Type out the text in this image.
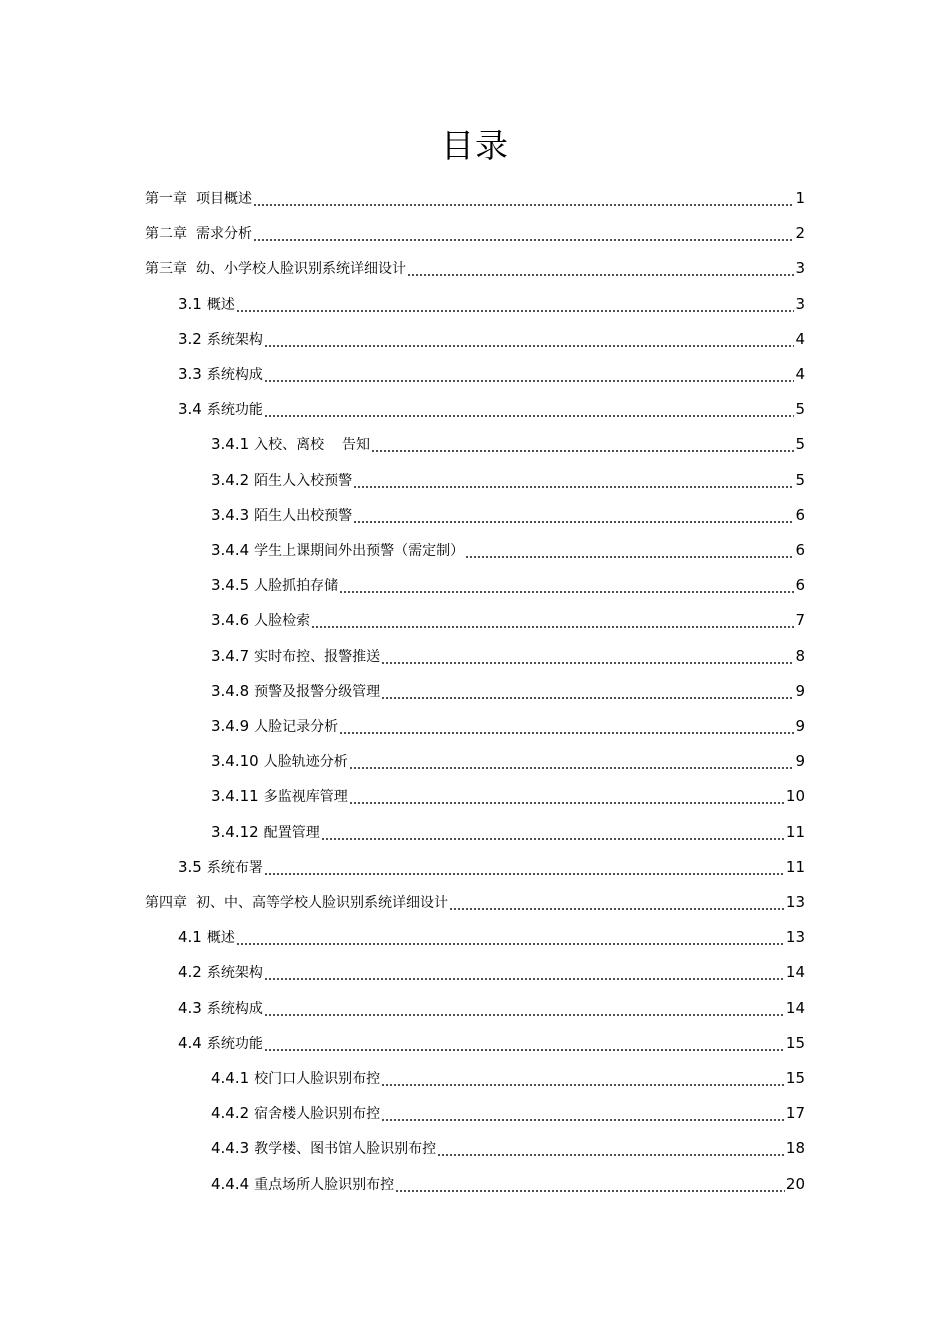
目录
第一章 项目概述	1
第二章 需求分析	2
第三章 幼、小学校人脸识别系统详细设计	3
3.1 概述	3
3.2 系统架构	4
3.3 系统构成	4
3.4 系统功能	5
3.4.1 入校、离校    告知	5
3.4.2 陌生人入校预警	5
3.4.3 陌生人出校预警	6
3.4.4 学生上课期间外出预警（需定制）	6
3.4.5 人脸抓拍存储	6
3.4.6 人脸检索	7
3.4.7 实时布控、报警推送	8
3.4.8 预警及报警分级管理	9
3.4.9 人脸记录分析	9
3.4.10 人脸轨迹分析	9
3.4.11 多监视库管理	10
3.4.12 配置管理	11
3.5 系统布署	11
第四章 初、中、高等学校人脸识别系统详细设计	13
4.1 概述	13
4.2 系统架构	14
4.3 系统构成	14
4.4 系统功能	15
4.4.1 校门口人脸识别布控	15
4.4.2 宿舍楼人脸识别布控	17
4.4.3 教学楼、图书馆人脸识别布控	18
4.4.4 重点场所人脸识别布控	20
